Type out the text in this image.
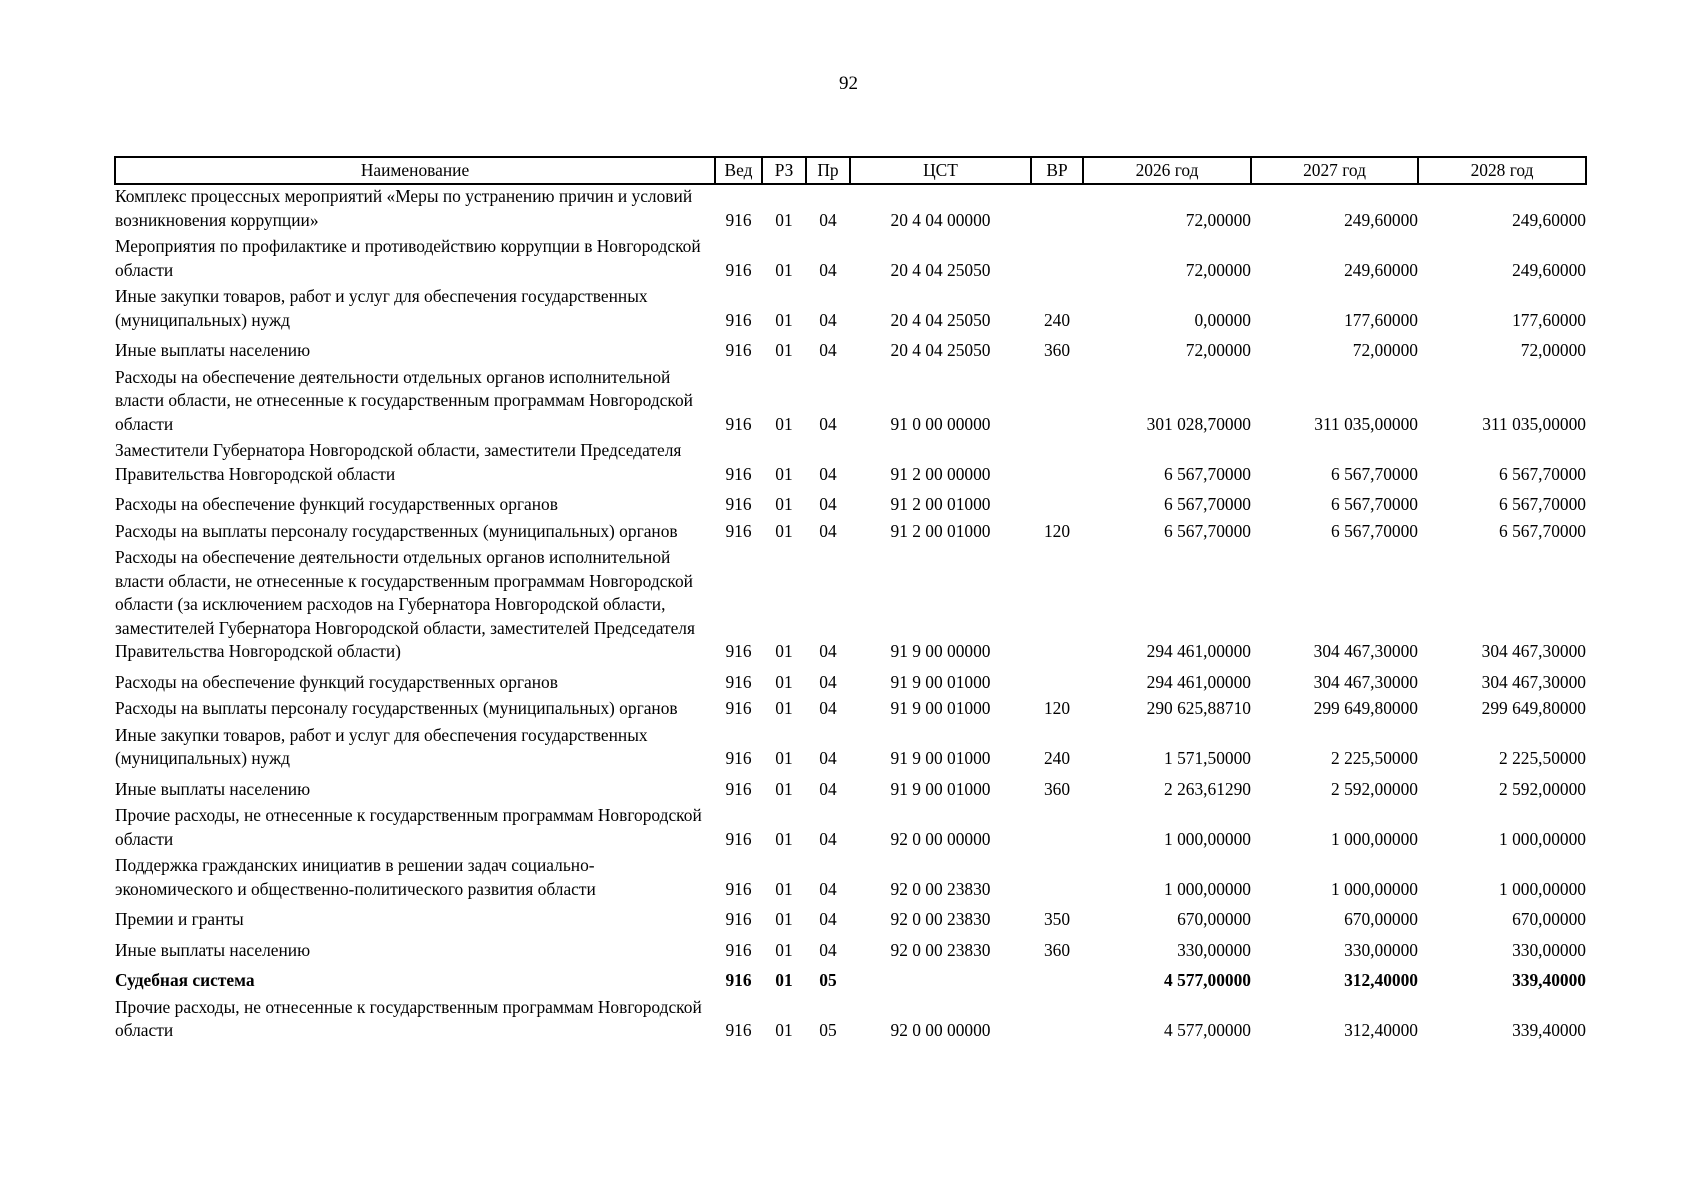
92
Наименование	Вед	РЗ	Пр	ЦСТ	ВР	2026 год	2027 год	2028 год
Комплекс процессных мероприятий «Меры по устранению причин и условий возникновения коррупции»	916	01	04	20 4 04 00000		72,00000	249,60000	249,60000
Мероприятия по профилактике и противодействию коррупции в Новгородской области	916	01	04	20 4 04 25050		72,00000	249,60000	249,60000
Иные закупки товаров, работ и услуг для обеспечения государственных (муниципальных) нужд	916	01	04	20 4 04 25050	240	0,00000	177,60000	177,60000
Иные выплаты населению	916	01	04	20 4 04 25050	360	72,00000	72,00000	72,00000
Расходы на обеспечение деятельности отдельных органов исполнительной власти области, не отнесенные к государственным программам Новгородской области	916	01	04	91 0 00 00000		301 028,70000	311 035,00000	311 035,00000
Заместители Губернатора Новгородской области, заместители Председателя Правительства Новгородской области	916	01	04	91 2 00 00000		6 567,70000	6 567,70000	6 567,70000
Расходы на обеспечение функций государственных органов	916	01	04	91 2 00 01000		6 567,70000	6 567,70000	6 567,70000
Расходы на выплаты персоналу государственных (муниципальных) органов	916	01	04	91 2 00 01000	120	6 567,70000	6 567,70000	6 567,70000
Расходы на обеспечение деятельности отдельных органов исполнительной власти области, не отнесенные к государственным программам Новгородской области (за исключением расходов на Губернатора Новгородской области, заместителей Губернатора Новгородской области, заместителей Председателя Правительства Новгородской области)	916	01	04	91 9 00 00000		294 461,00000	304 467,30000	304 467,30000
Расходы на обеспечение функций государственных органов	916	01	04	91 9 00 01000		294 461,00000	304 467,30000	304 467,30000
Расходы на выплаты персоналу государственных (муниципальных) органов	916	01	04	91 9 00 01000	120	290 625,88710	299 649,80000	299 649,80000
Иные закупки товаров, работ и услуг для обеспечения государственных (муниципальных) нужд	916	01	04	91 9 00 01000	240	1 571,50000	2 225,50000	2 225,50000
Иные выплаты населению	916	01	04	91 9 00 01000	360	2 263,61290	2 592,00000	2 592,00000
Прочие расходы, не отнесенные к государственным программам Новгородской области	916	01	04	92 0 00 00000		1 000,00000	1 000,00000	1 000,00000
Поддержка гражданских инициатив в решении задач социально-экономического и общественно-политического развития области	916	01	04	92 0 00 23830		1 000,00000	1 000,00000	1 000,00000
Премии и гранты	916	01	04	92 0 00 23830	350	670,00000	670,00000	670,00000
Иные выплаты населению	916	01	04	92 0 00 23830	360	330,00000	330,00000	330,00000
Судебная система	916	01	05			4 577,00000	312,40000	339,40000
Прочие расходы, не отнесенные к государственным программам Новгородской области	916	01	05	92 0 00 00000		4 577,00000	312,40000	339,40000
